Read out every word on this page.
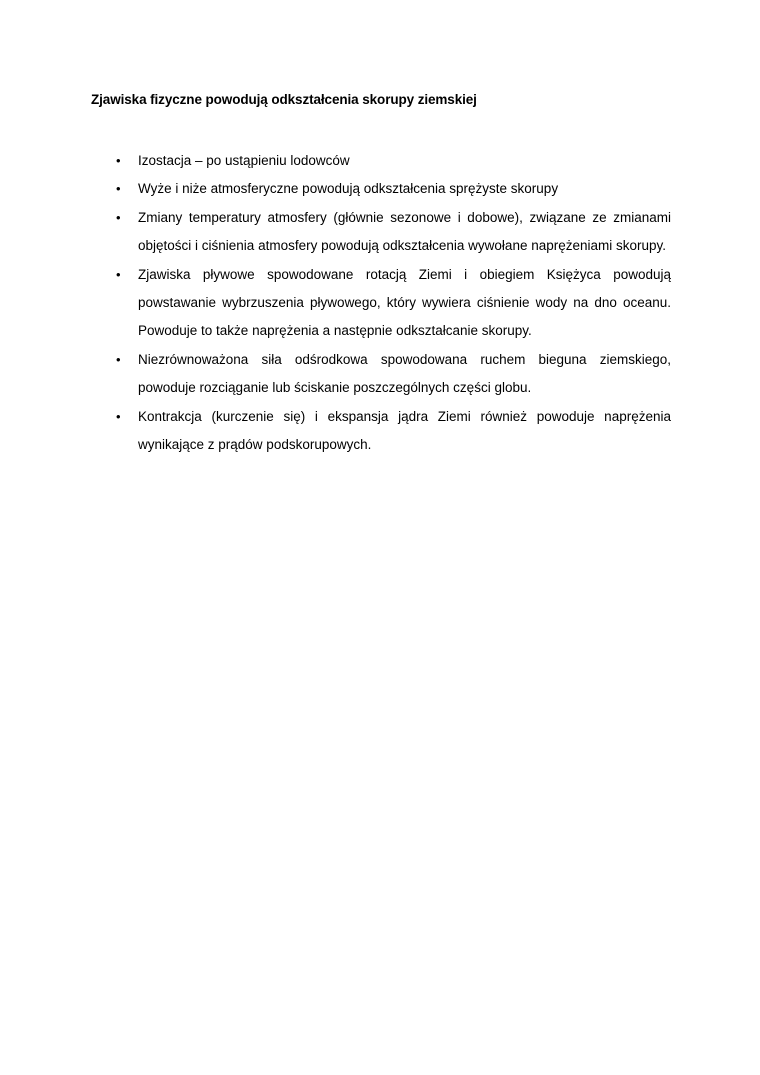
Zjawiska fizyczne powodują odkształcenia skorupy ziemskiej
•	Izostacja – po ustąpieniu lodowców
•	Wyże i niże atmosferyczne powodują odkształcenia sprężyste skorupy
•	Zmiany temperatury atmosfery (głównie sezonowe i dobowe), związane ze zmianami objętości i ciśnienia atmosfery powodują odkształcenia wywołane naprężeniami skorupy.
•	Zjawiska pływowe spowodowane rotacją Ziemi i obiegiem Księżyca powodują powstawanie wybrzuszenia pływowego, który wywiera ciśnienie wody na dno oceanu. Powoduje to także naprężenia a następnie odkształcanie skorupy.
•	Niezrównoważona siła odśrodkowa spowodowana ruchem bieguna ziemskiego, powoduje rozciąganie lub ściskanie poszczególnych części globu.
•	Kontrakcja (kurczenie się) i ekspansja jądra Ziemi również powoduje naprężenia wynikające z prądów podskorupowych.
